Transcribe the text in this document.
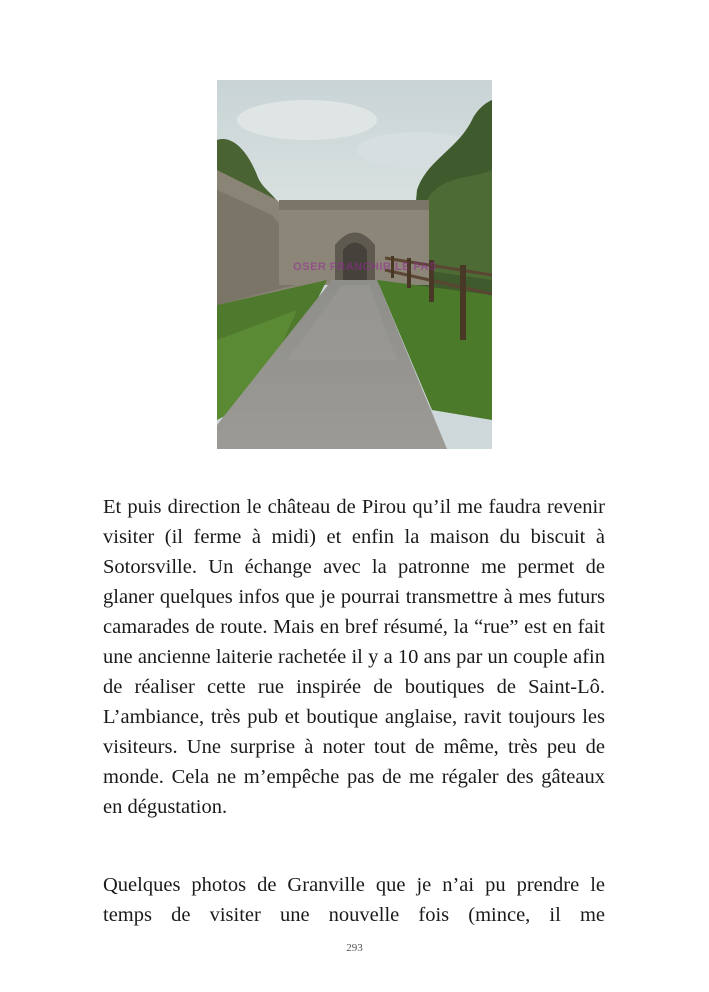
OSER FRANCHIR LE PAS

Et puis direction le château de Pirou qu’il me faudra revenir visiter (il ferme à midi) et enfin la maison du biscuit à Sotorsville. Un échange avec la patronne me permet de glaner quelques infos que je pourrai transmettre à mes futurs camarades de route. Mais en bref résumé, la “rue” est en fait une ancienne laiterie rachetée il y a 10 ans par un couple afin de réaliser cette rue inspirée de boutiques de Saint-Lô. L’ambiance, très pub et boutique anglaise, ravit toujours les visiteurs. Une surprise à noter tout de même, très peu de monde. Cela ne m’empêche pas de me régaler des gâteaux en dégustation.

Quelques photos de Granville que je n’ai pu prendre le temps de visiter une nouvelle fois (mince, il me

293
